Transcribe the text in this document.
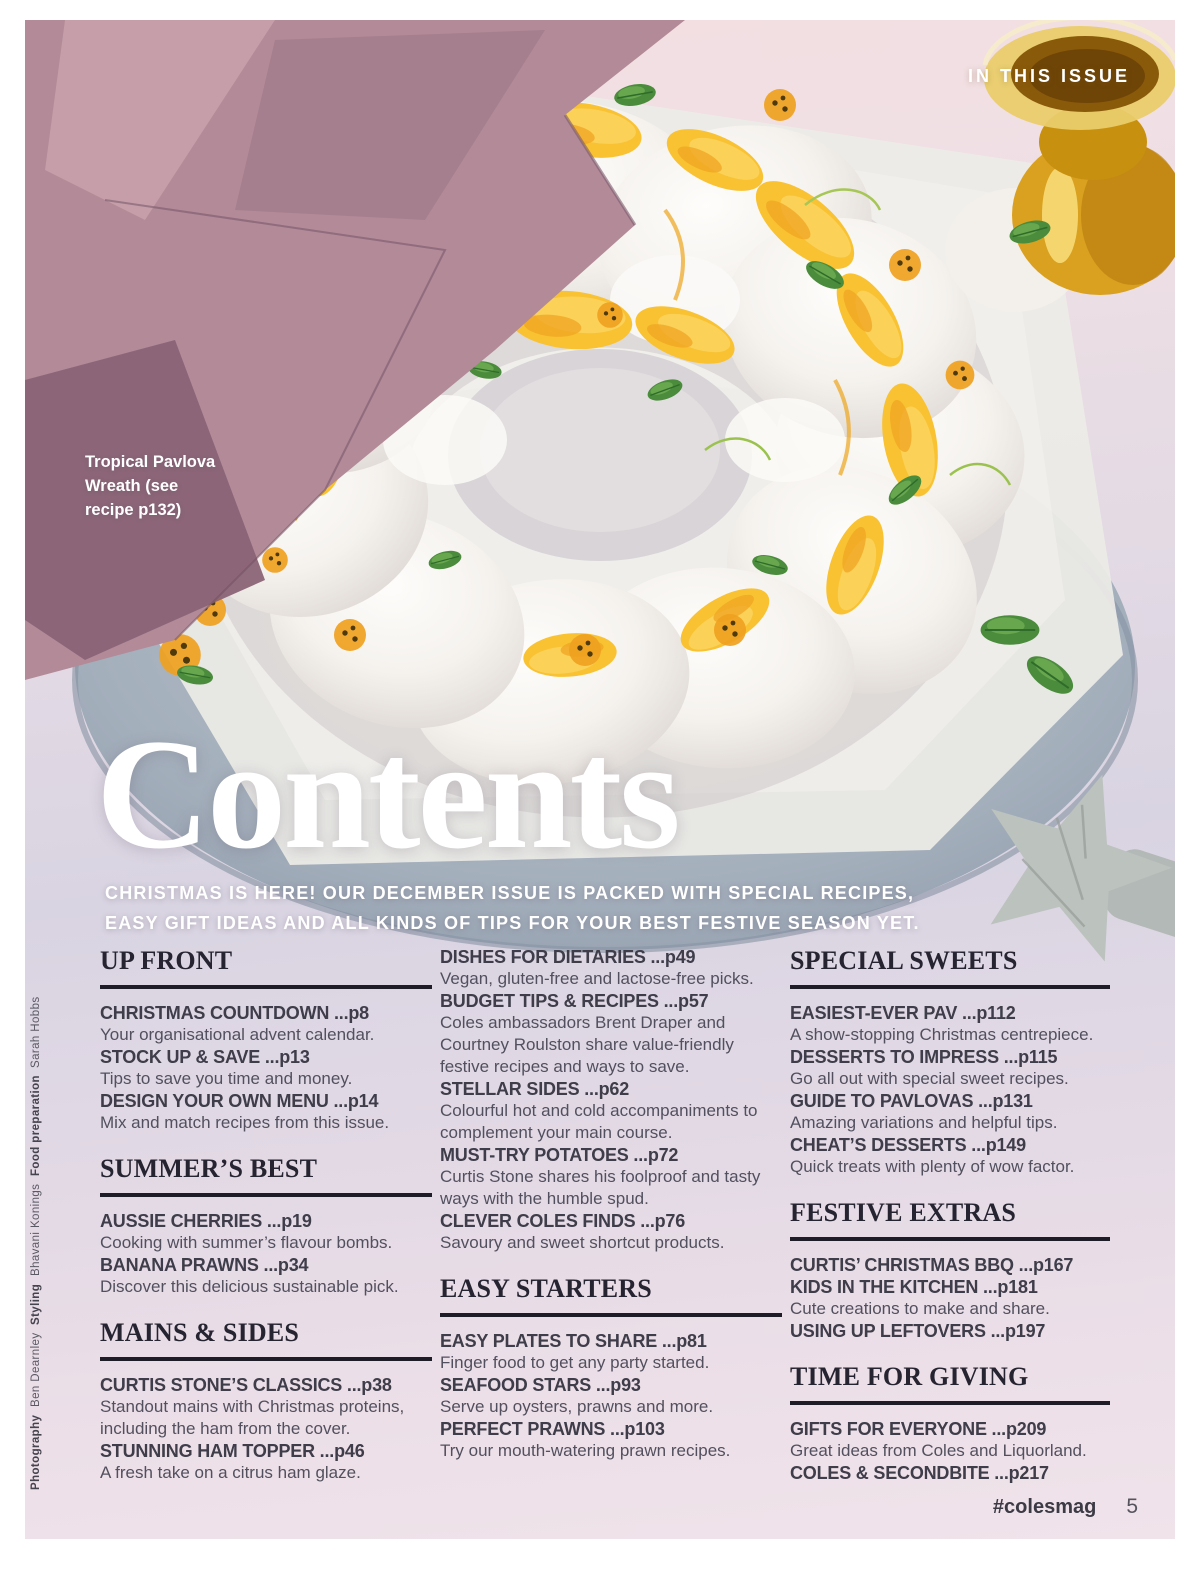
IN THIS ISSUE
Tropical Pavlova Wreath (see recipe p132)
Contents
CHRISTMAS IS HERE! OUR DECEMBER ISSUE IS PACKED WITH SPECIAL RECIPES,
EASY GIFT IDEAS AND ALL KINDS OF TIPS FOR YOUR BEST FESTIVE SEASON YET.
UP FRONT
CHRISTMAS COUNTDOWN ...p8
Your organisational advent calendar.
STOCK UP & SAVE ...p13
Tips to save you time and money.
DESIGN YOUR OWN MENU ...p14
Mix and match recipes from this issue.
SUMMER’S BEST
AUSSIE CHERRIES ...p19
Cooking with summer’s flavour bombs.
BANANA PRAWNS ...p34
Discover this delicious sustainable pick.
MAINS & SIDES
CURTIS STONE’S CLASSICS ...p38
Standout mains with Christmas proteins, including the ham from the cover.
STUNNING HAM TOPPER ...p46
A fresh take on a citrus ham glaze.
DISHES FOR DIETARIES ...p49
Vegan, gluten-free and lactose-free picks.
BUDGET TIPS & RECIPES ...p57
Coles ambassadors Brent Draper and Courtney Roulston share value-friendly festive recipes and ways to save.
STELLAR SIDES ...p62
Colourful hot and cold accompaniments to complement your main course.
MUST-TRY POTATOES ...p72
Curtis Stone shares his foolproof and tasty ways with the humble spud.
CLEVER COLES FINDS ...p76
Savoury and sweet shortcut products.
EASY STARTERS
EASY PLATES TO SHARE ...p81
Finger food to get any party started.
SEAFOOD STARS ...p93
Serve up oysters, prawns and more.
PERFECT PRAWNS ...p103
Try our mouth-watering prawn recipes.
SPECIAL SWEETS
EASIEST-EVER PAV ...p112
A show-stopping Christmas centrepiece.
DESSERTS TO IMPRESS ...p115
Go all out with special sweet recipes.
GUIDE TO PAVLOVAS ...p131
Amazing variations and helpful tips.
CHEAT’S DESSERTS ...p149
Quick treats with plenty of wow factor.
FESTIVE EXTRAS
CURTIS’ CHRISTMAS BBQ ...p167
KIDS IN THE KITCHEN ...p181
Cute creations to make and share.
USING UP LEFTOVERS ...p197
TIME FOR GIVING
GIFTS FOR EVERYONE ...p209
Great ideas from Coles and Liquorland.
COLES & SECONDBITE ...p217
Photography Ben Dearnley Styling Bhavani Konings Food preparation Sarah Hobbs
#colesmag 5
